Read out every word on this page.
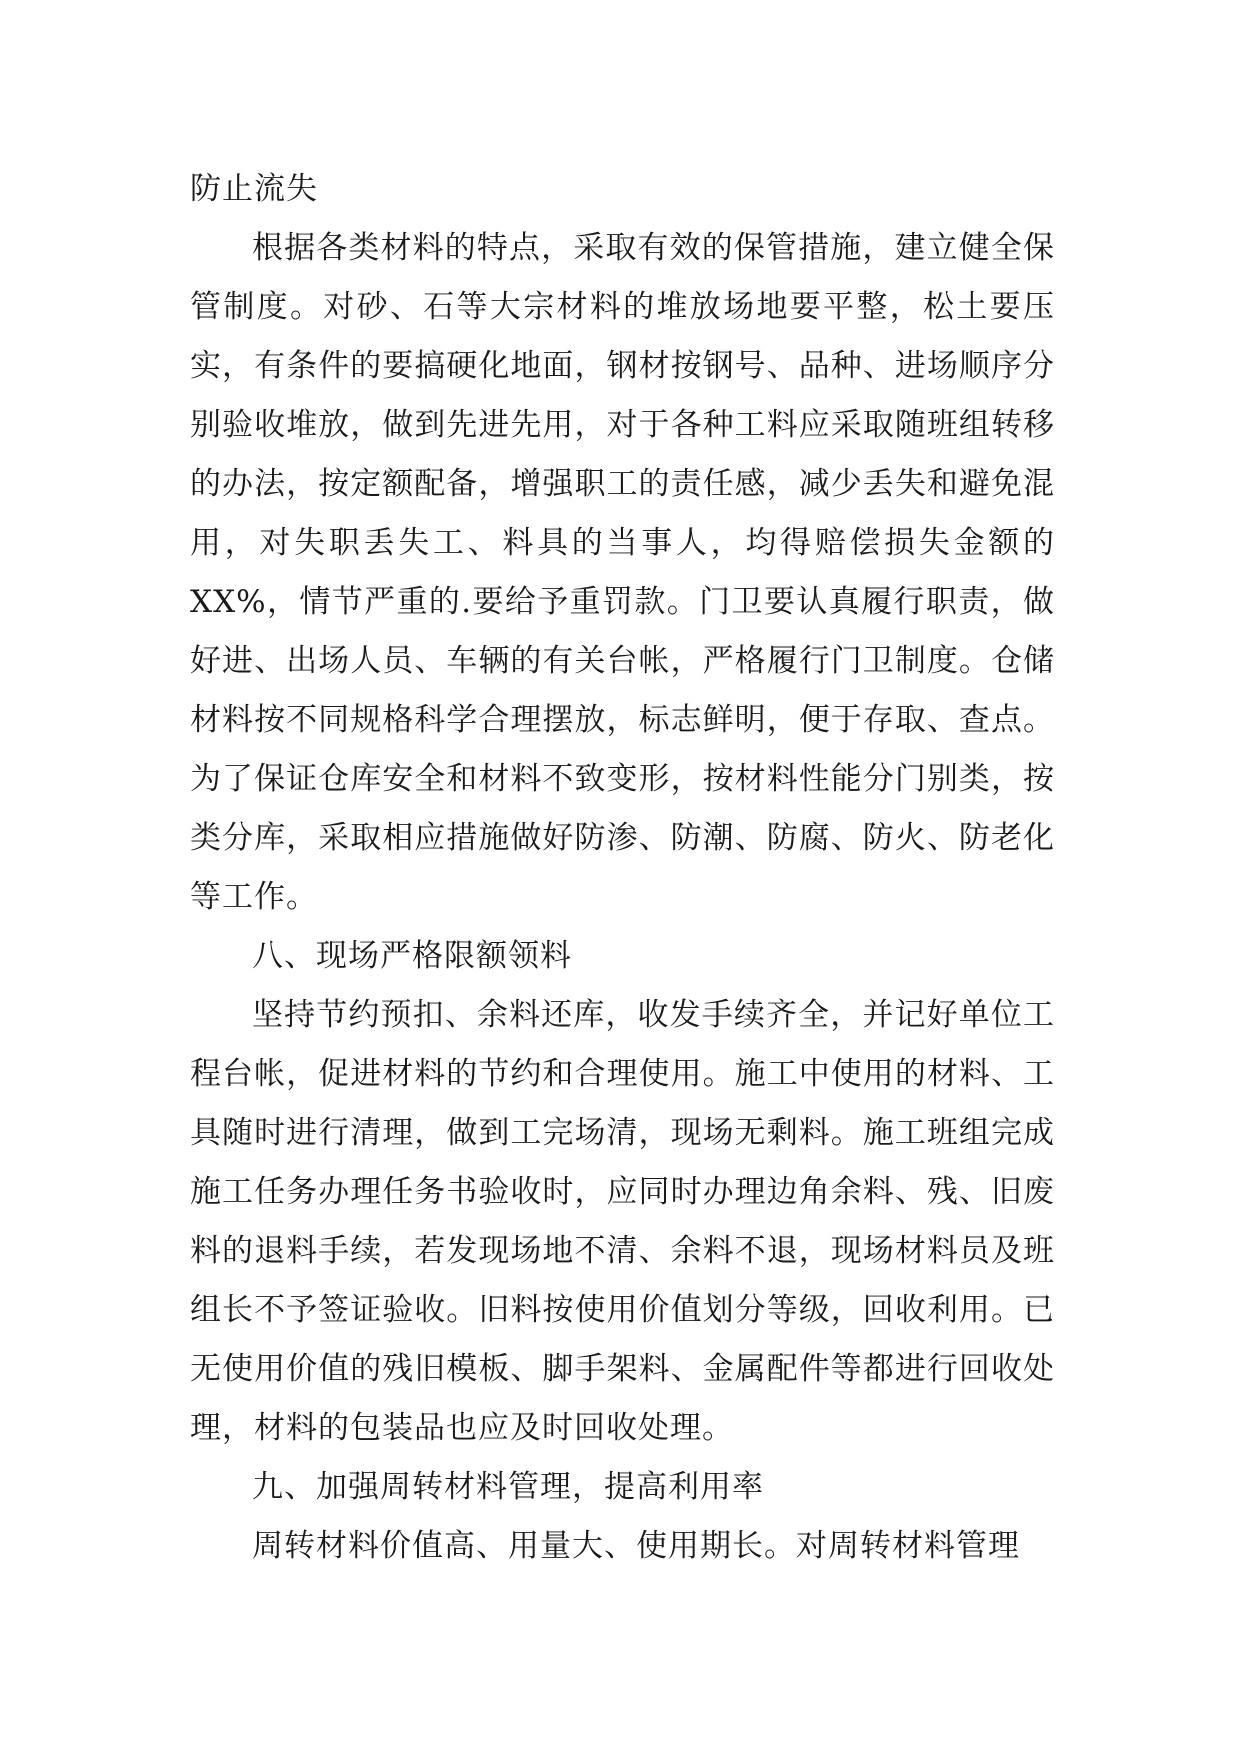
防止流失

根据各类材料的特点，采取有效的保管措施，建立健全保管制度。对砂、石等大宗材料的堆放场地要平整，松土要压实，有条件的要搞硬化地面，钢材按钢号、品种、进场顺序分别验收堆放，做到先进先用，对于各种工料应采取随班组转移的办法，按定额配备，增强职工的责任感，减少丢失和避免混用，对失职丢失工、料具的当事人，均得赔偿损失金额的XX%，情节严重的.要给予重罚款。门卫要认真履行职责，做好进、出场人员、车辆的有关台帐，严格履行门卫制度。仓储材料按不同规格科学合理摆放，标志鲜明，便于存取、查点。为了保证仓库安全和材料不致变形，按材料性能分门别类，按类分库，采取相应措施做好防渗、防潮、防腐、防火、防老化等工作。

八、现场严格限额领料

坚持节约预扣、余料还库，收发手续齐全，并记好单位工程台帐，促进材料的节约和合理使用。施工中使用的材料、工具随时进行清理，做到工完场清，现场无剩料。施工班组完成施工任务办理任务书验收时，应同时办理边角余料、残、旧废料的退料手续，若发现场地不清、余料不退，现场材料员及班组长不予签证验收。旧料按使用价值划分等级，回收利用。已无使用价值的残旧模板、脚手架料、金属配件等都进行回收处理，材料的包装品也应及时回收处理。

九、加强周转材料管理，提高利用率

周转材料价值高、用量大、使用期长。对周转材料管理
